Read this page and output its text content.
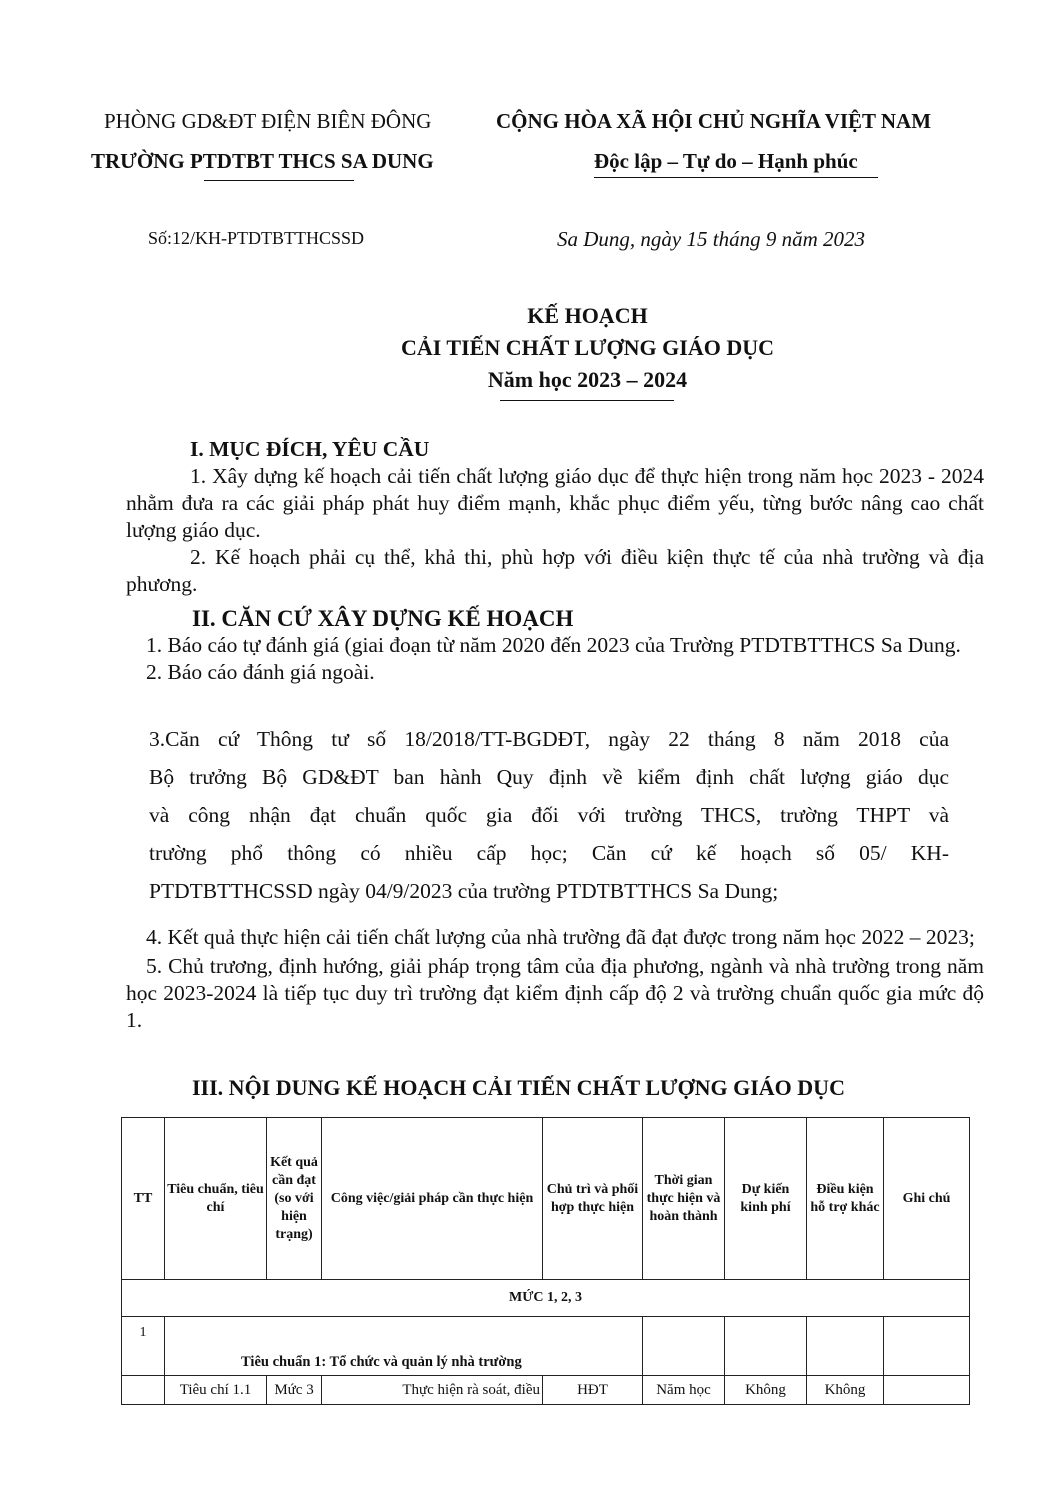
PHÒNG GD&ĐT ĐIỆN BIÊN ĐÔNG
TRƯỜNG PTDTBT THCS SA DUNG
CỘNG HÒA XÃ HỘI CHỦ NGHĨA VIỆT NAM
Độc lập – Tự do – Hạnh phúc
Số:12/KH-PTDTBTTHCSSD	Sa Dung, ngày 15 tháng 9 năm 2023
KẾ HOẠCH
CẢI TIẾN CHẤT LƯỢNG GIÁO DỤC
Năm học 2023 – 2024

I. MỤC ĐÍCH, YÊU CẦU

1. Xây dựng kế hoạch cải tiến chất lượng giáo dục để thực hiện trong năm học 2023 - 2024 nhằm đưa ra các giải pháp phát huy điểm mạnh, khắc phục điểm yếu, từng bước nâng cao chất lượng giáo dục.

2. Kế hoạch phải cụ thể, khả thi, phù hợp với điều kiện thực tế của nhà trường và địa phương.

II. CĂN CỨ XÂY DỰNG KẾ HOẠCH

1. Báo cáo tự đánh giá (giai đoạn từ năm 2020 đến 2023 của Trường PTDTBTTHCS Sa Dung.

2. Báo cáo đánh giá ngoài.

3.Căn cứ Thông tư số 18/2018/TT-BGDĐT, ngày 22 tháng 8 năm 2018 của

Bộ trưởng Bộ GD&ĐT ban hành Quy định về kiểm định chất lượng giáo dục

và công nhận đạt chuẩn quốc gia đối với trường THCS, trường THPT và

trường phổ thông có nhiều cấp học; Căn cứ kế hoạch số 05/ KH-

PTDTBTTHCSSD ngày 04/9/2023 của trường PTDTBTTHCS Sa Dung;

4. Kết quả thực hiện cải tiến chất lượng của nhà trường đã đạt được trong năm học 2022 – 2023;

5. Chủ trương, định hướng, giải pháp trọng tâm của địa phương, ngành và nhà trường trong năm học 2023-2024 là tiếp tục duy trì trường đạt kiểm định cấp độ 2 và trường chuẩn quốc gia mức độ 1.

III. NỘI DUNG KẾ HOẠCH CẢI TIẾN CHẤT LƯỢNG GIÁO DỤC
TT	Tiêu chuẩn, tiêu chí	Kết quả cần đạt (so với hiện trạng)	Công việc/giải pháp cần thực hiện	Chủ trì và phối hợp thực hiện	Thời gian thực hiện và hoàn thành	Dự kiến kinh phí	Điều kiện hỗ trợ khác	Ghi chú
MỨC 1, 2, 3								
1	Tiêu chuẩn 1: Tổ chức và quản lý nhà trường							
	Tiêu chí 1.1	Mức 3	Thực hiện rà soát, điều	HĐT	Năm học	Không	Không	
